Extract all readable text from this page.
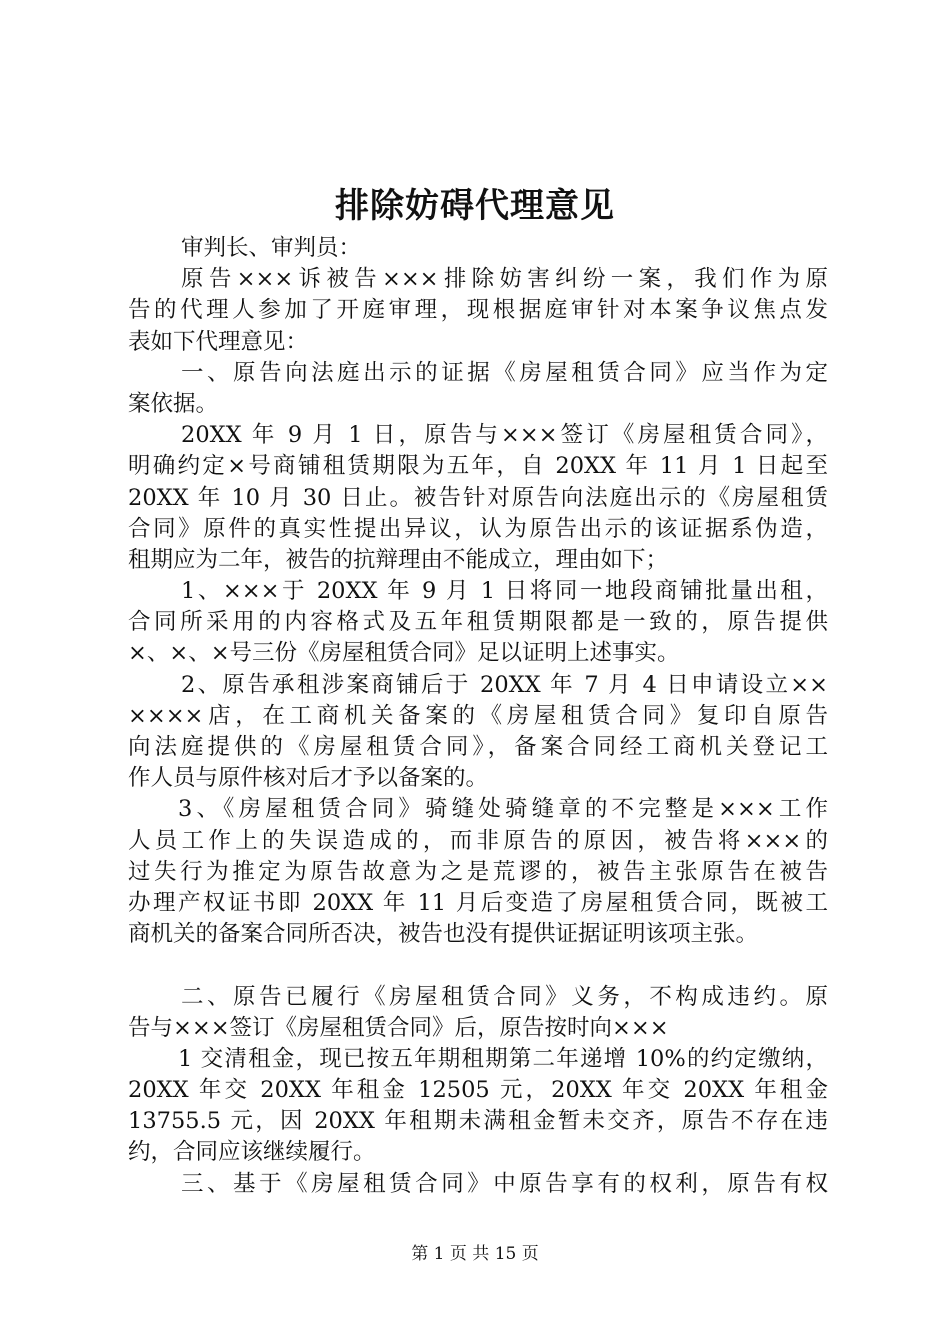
排除妨碍代理意见
审判长、审判员：
原告×××诉被告×××排除妨害纠纷一案，我们作为原
告的代理人参加了开庭审理，现根据庭审针对本案争议焦点发
表如下代理意见：
一、原告向法庭出示的证据《房屋租赁合同》应当作为定
案依据。
20XX 年 9 月 1 日，原告与×××签订《房屋租赁合同》，
明确约定×号商铺租赁期限为五年，自 20XX 年 11 月 1 日起至
20XX 年 10 月 30 日止。被告针对原告向法庭出示的《房屋租赁
合同》原件的真实性提出异议，认为原告出示的该证据系伪造，
租期应为二年，被告的抗辩理由不能成立，理由如下；
1、×××于 20XX 年 9 月 1 日将同一地段商铺批量出租，
合同所采用的内容格式及五年租赁期限都是一致的，原告提供
×、×、×号三份《房屋租赁合同》足以证明上述事实。
2、原告承租涉案商铺后于 20XX 年 7 月 4 日申请设立××
××××店，在工商机关备案的《房屋租赁合同》复印自原告
向法庭提供的《房屋租赁合同》，备案合同经工商机关登记工
作人员与原件核对后才予以备案的。
3、《房屋租赁合同》骑缝处骑缝章的不完整是×××工作
人员工作上的失误造成的，而非原告的原因，被告将×××的
过失行为推定为原告故意为之是荒谬的，被告主张原告在被告
办理产权证书即 20XX 年 11 月后变造了房屋租赁合同，既被工
商机关的备案合同所否决，被告也没有提供证据证明该项主张。
二、原告已履行《房屋租赁合同》义务，不构成违约。原
告与×××签订《房屋租赁合同》后，原告按时向×××
1 交清租金，现已按五年期租期第二年递增 10%的约定缴纳，
20XX 年交 20XX 年租金 12505 元，20XX 年交 20XX 年租金
13755.5 元，因 20XX 年租期未满租金暂未交齐，原告不存在违
约，合同应该继续履行。
三、基于《房屋租赁合同》中原告享有的权利，原告有权
第 1 页 共 15 页
